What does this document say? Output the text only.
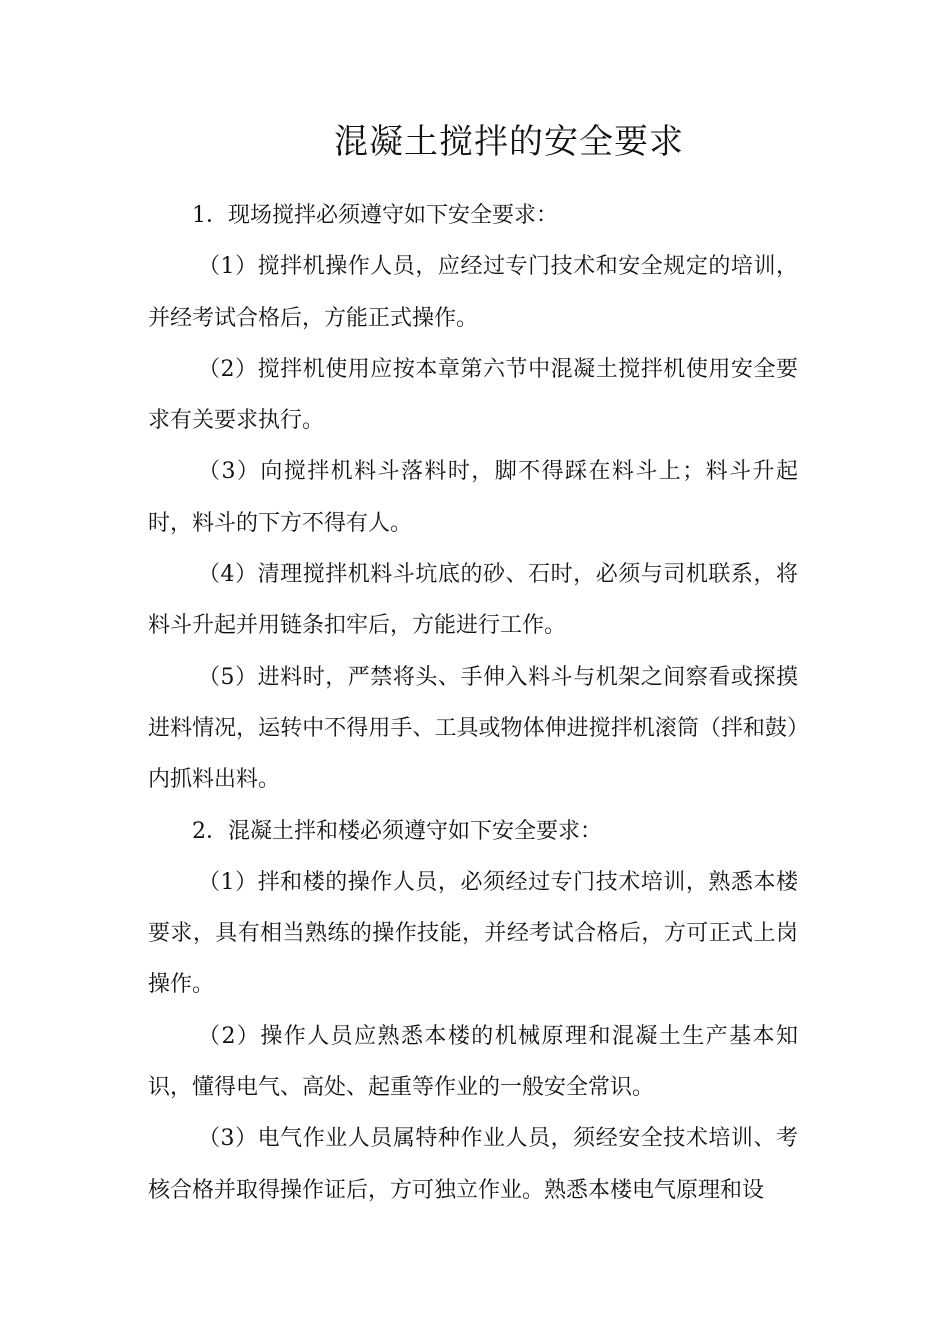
混凝土搅拌的安全要求

1．现场搅拌必须遵守如下安全要求：

（1）搅拌机操作人员，应经过专门技术和安全规定的培训，并经考试合格后，方能正式操作。

（2）搅拌机使用应按本章第六节中混凝土搅拌机使用安全要求有关要求执行。

（3）向搅拌机料斗落料时，脚不得踩在料斗上；料斗升起时，料斗的下方不得有人。

（4）清理搅拌机料斗坑底的砂、石时，必须与司机联系，将料斗升起并用链条扣牢后，方能进行工作。

（5）进料时，严禁将头、手伸入料斗与机架之间察看或探摸进料情况，运转中不得用手、工具或物体伸进搅拌机滚筒（拌和鼓）内抓料出料。

2．混凝土拌和楼必须遵守如下安全要求：

（1）拌和楼的操作人员，必须经过专门技术培训，熟悉本楼要求，具有相当熟练的操作技能，并经考试合格后，方可正式上岗操作。

（2）操作人员应熟悉本楼的机械原理和混凝土生产基本知识，懂得电气、高处、起重等作业的一般安全常识。

（3）电气作业人员属特种作业人员，须经安全技术培训、考核合格并取得操作证后，方可独立作业。熟悉本楼电气原理和设
